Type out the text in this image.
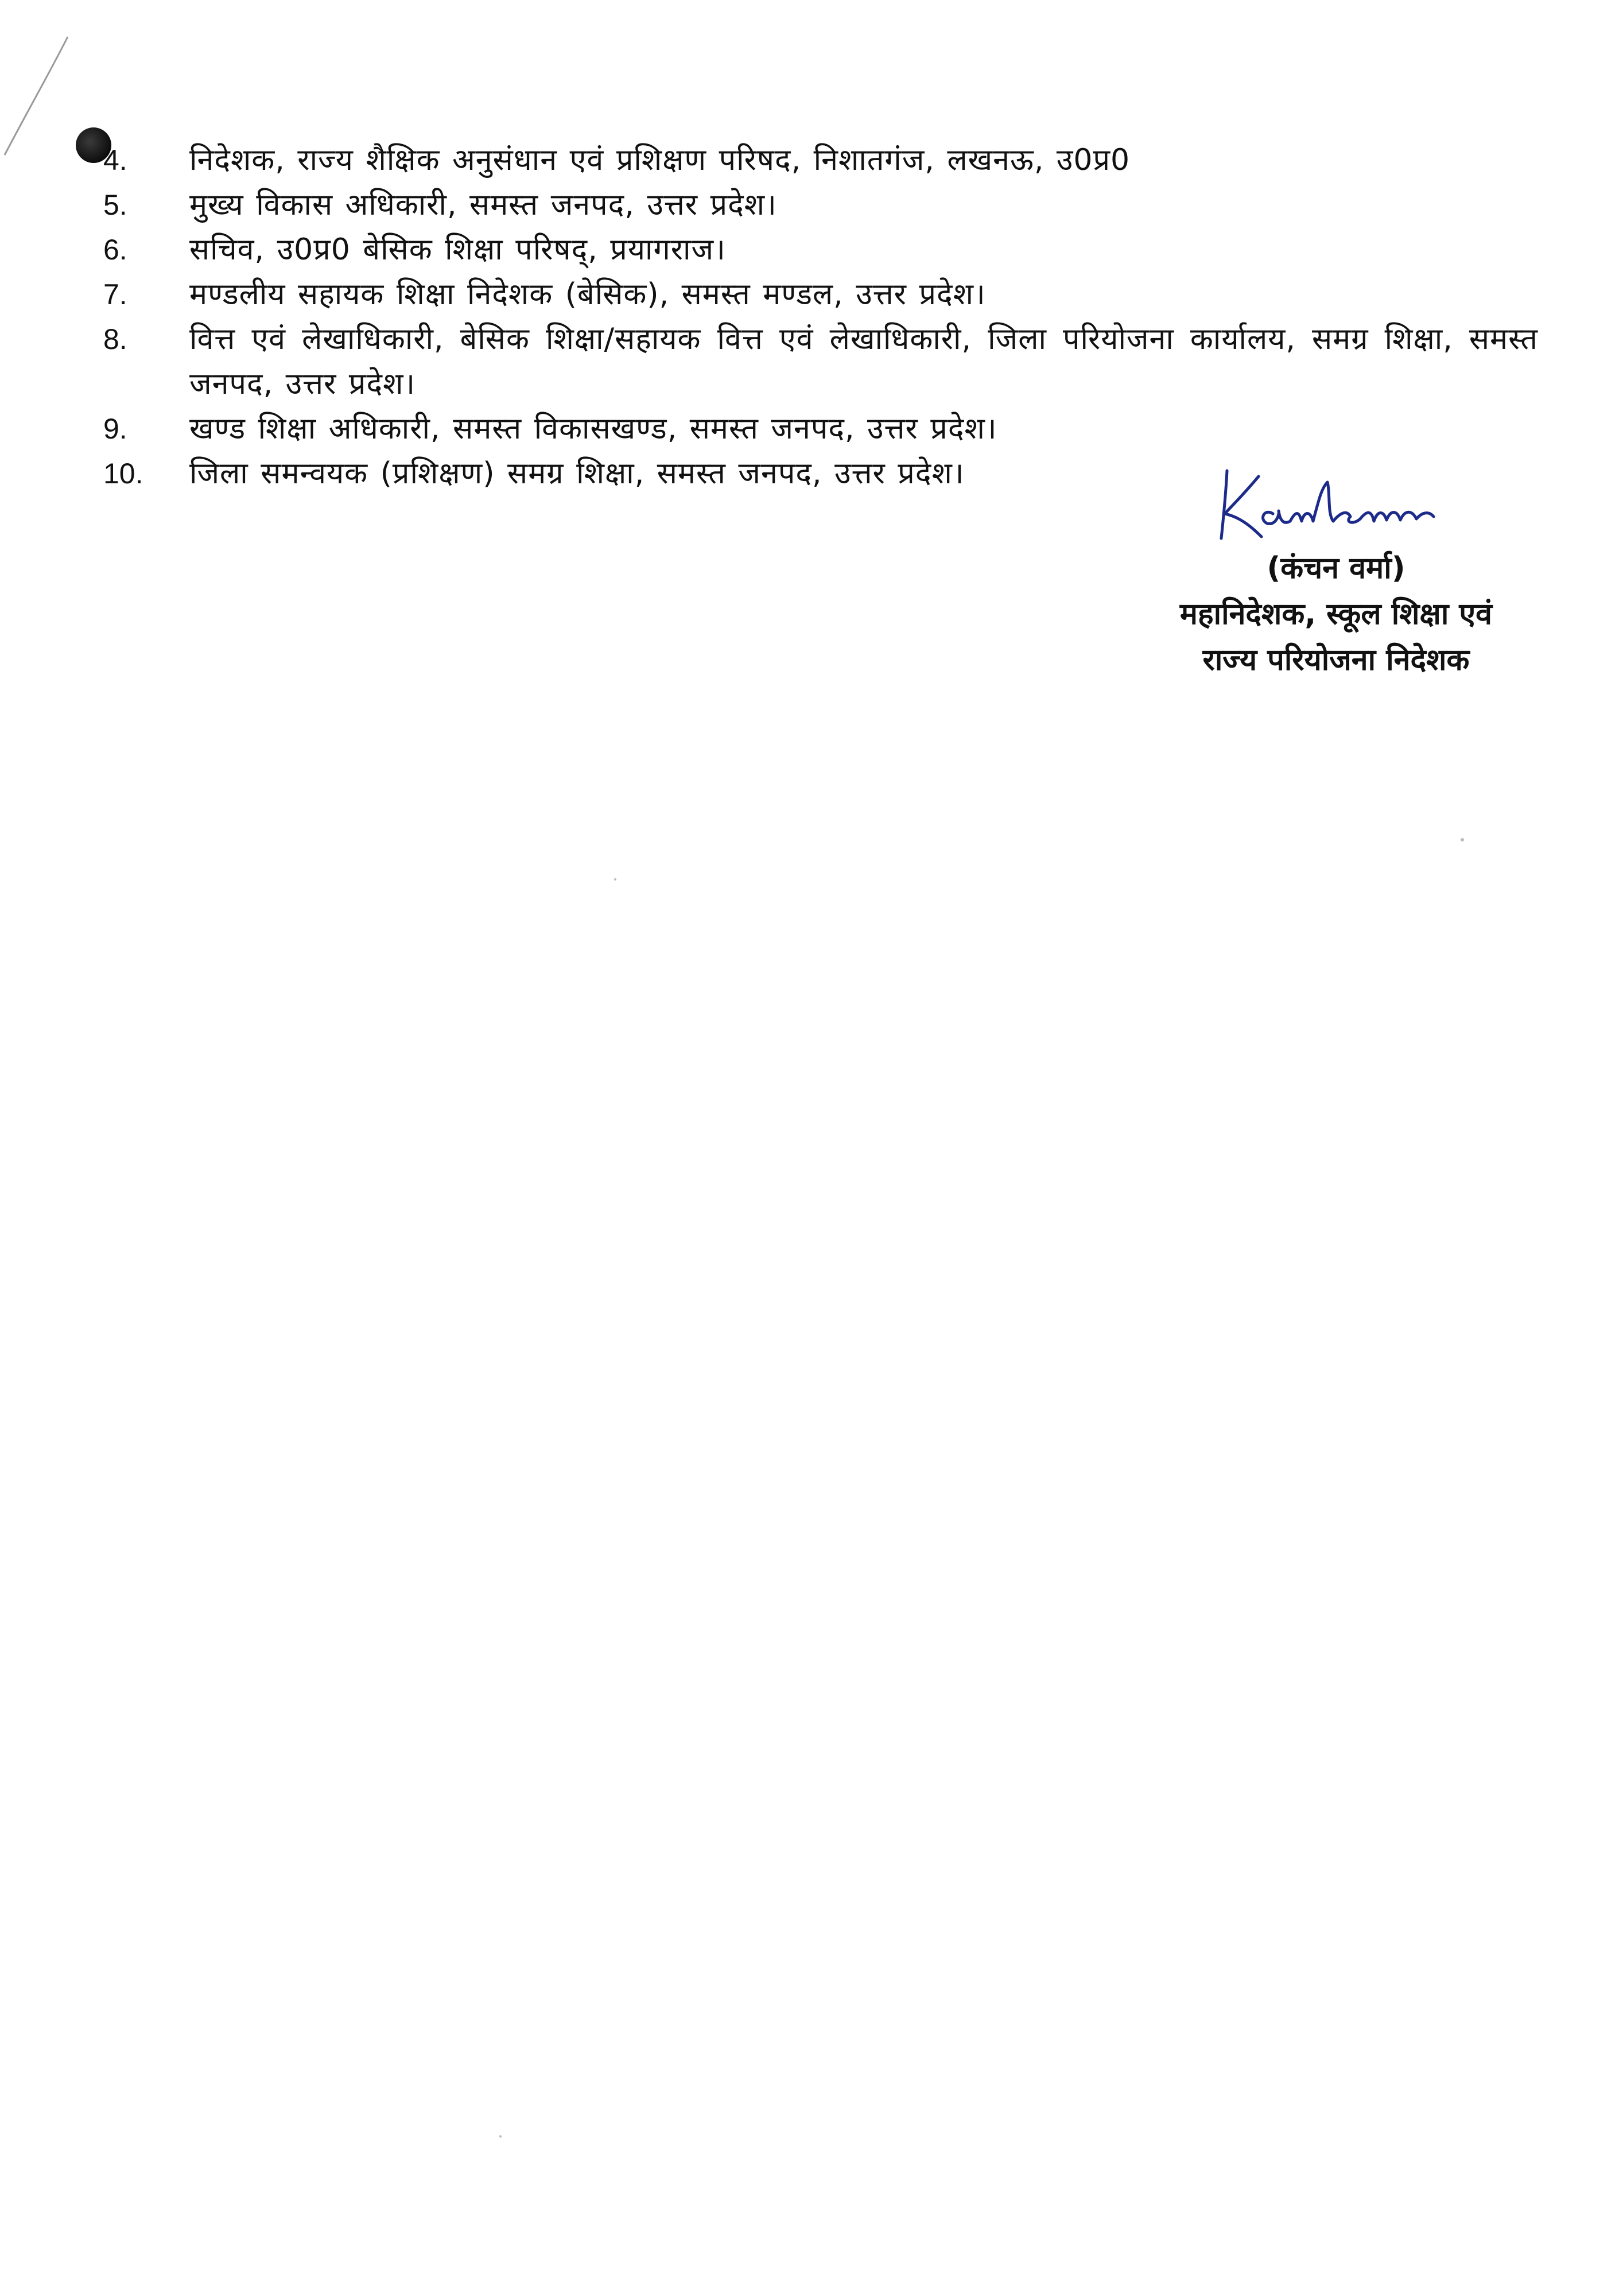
4.	निदेशक, राज्य शैक्षिक अनुसंधान एवं प्रशिक्षण परिषद, निशातगंज, लखनऊ, उ0प्र0
5.	मुख्य विकास अधिकारी, समस्त जनपद, उत्तर प्रदेश।
6.	सचिव, उ0प्र0 बेसिक शिक्षा परिषद्, प्रयागराज।
7.	मण्डलीय सहायक शिक्षा निदेशक (बेसिक), समस्त मण्डल, उत्तर प्रदेश।
8.	वित्त एवं लेखाधिकारी, बेसिक शिक्षा/सहायक वित्त एवं लेखाधिकारी, जिला परियोजना कार्यालय, समग्र शिक्षा, समस्त जनपद, उत्तर प्रदेश।
9.	खण्ड शिक्षा अधिकारी, समस्त विकासखण्ड, समस्त जनपद, उत्तर प्रदेश।
10.	जिला समन्वयक (प्रशिक्षण) समग्र शिक्षा, समस्त जनपद, उत्तर प्रदेश।
(कंचन वर्मा)
महानिदेशक, स्कूल शिक्षा एवं
राज्य परियोजना निदेशक
